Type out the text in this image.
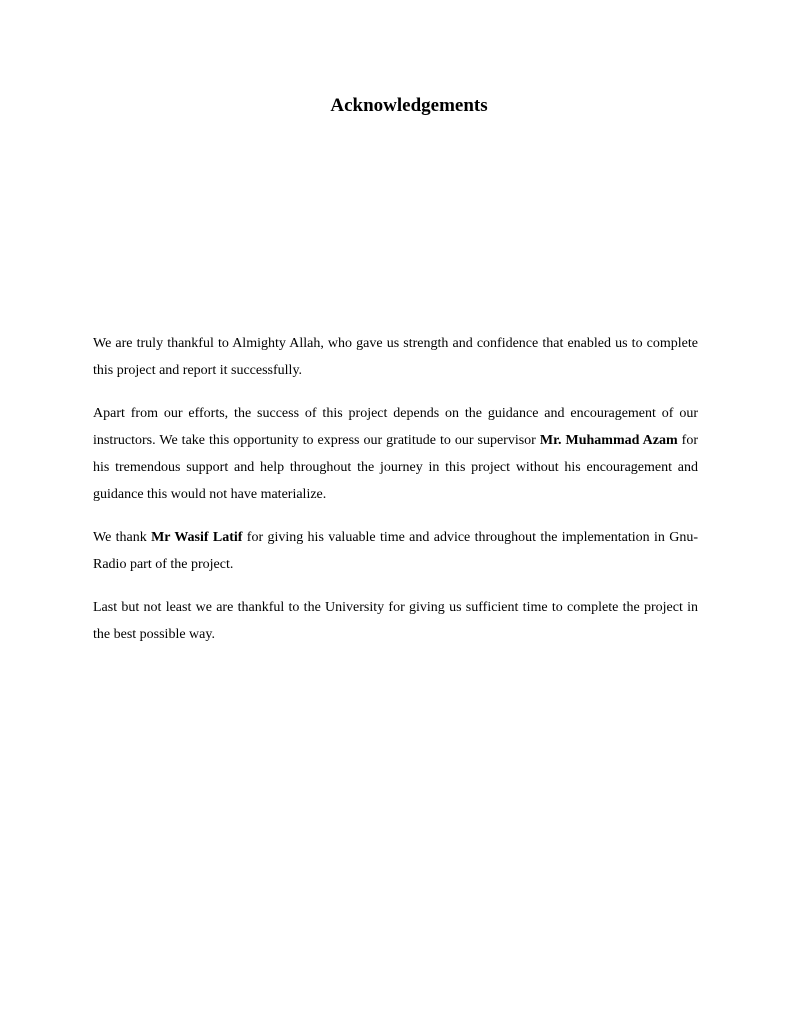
Acknowledgements

We are truly thankful to Almighty Allah, who gave us strength and confidence that enabled us to complete this project and report it successfully.

Apart from our efforts, the success of this project depends on the guidance and encouragement of our instructors. We take this opportunity to express our gratitude to our supervisor Mr. Muhammad Azam for his tremendous support and help throughout the journey in this project without his encouragement and guidance this would not have materialize.

We thank Mr Wasif Latif for giving his valuable time and advice throughout the implementation in Gnu-Radio part of the project.

Last but not least we are thankful to the University for giving us sufficient time to complete the project in the best possible way.
